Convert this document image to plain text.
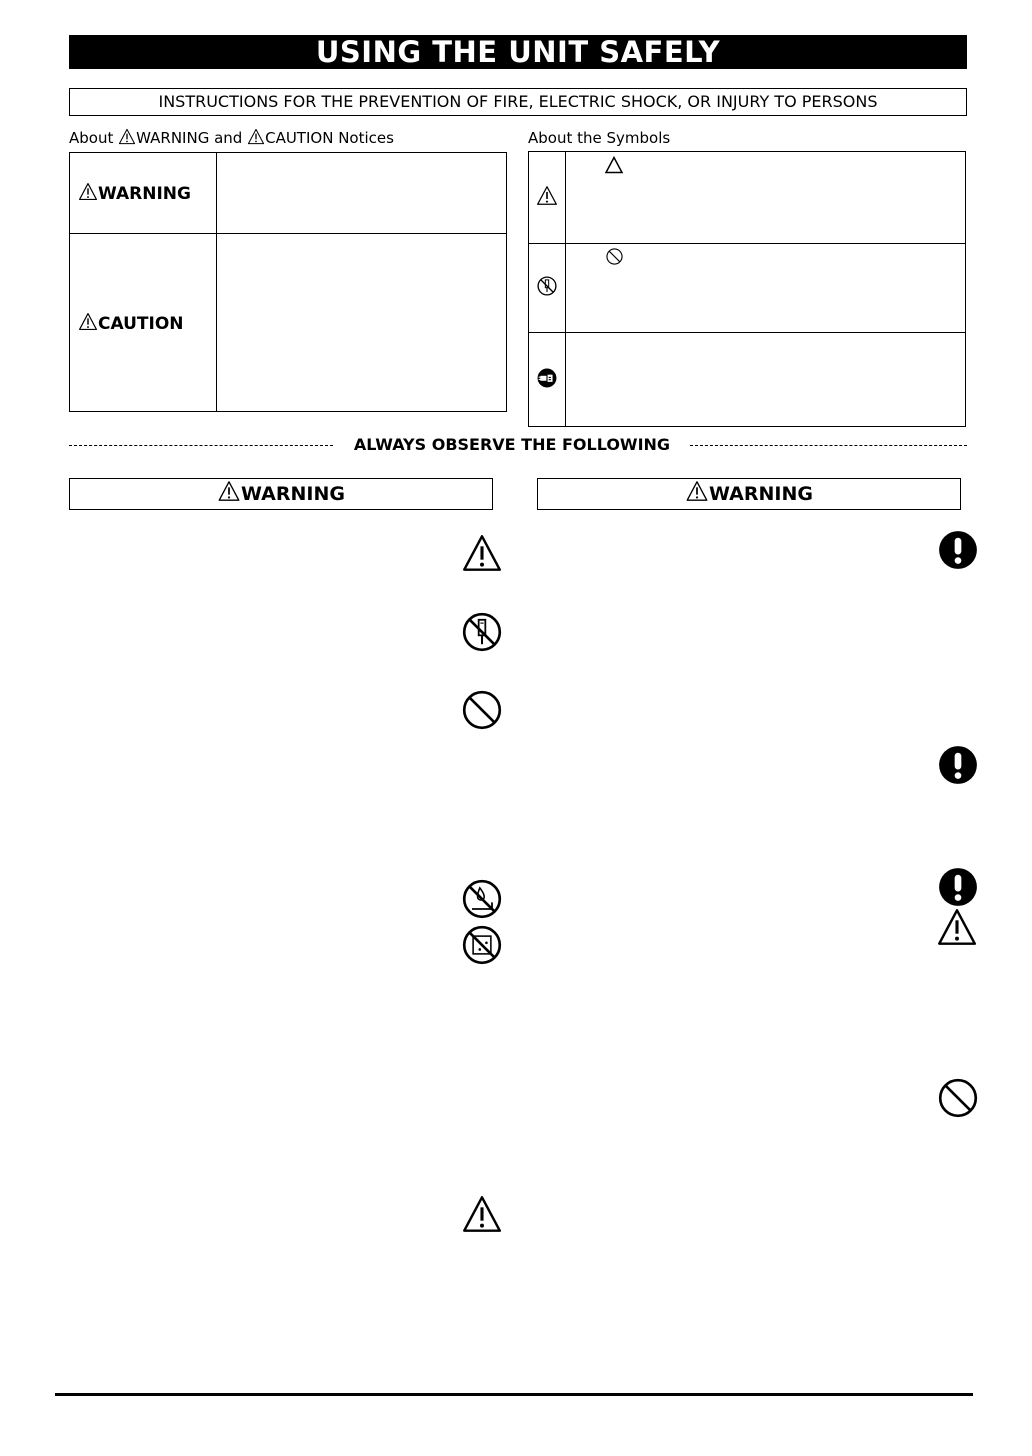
USING THE UNIT SAFELY
INSTRUCTIONS FOR THE PREVENTION OF FIRE, ELECTRIC SHOCK, OR INJURY TO PERSONS
About WARNING and CAUTION Notices	About the Symbols
WARNING	
CAUTION	

ALWAYS OBSERVE THE FOLLOWING
WARNING	WARNING
